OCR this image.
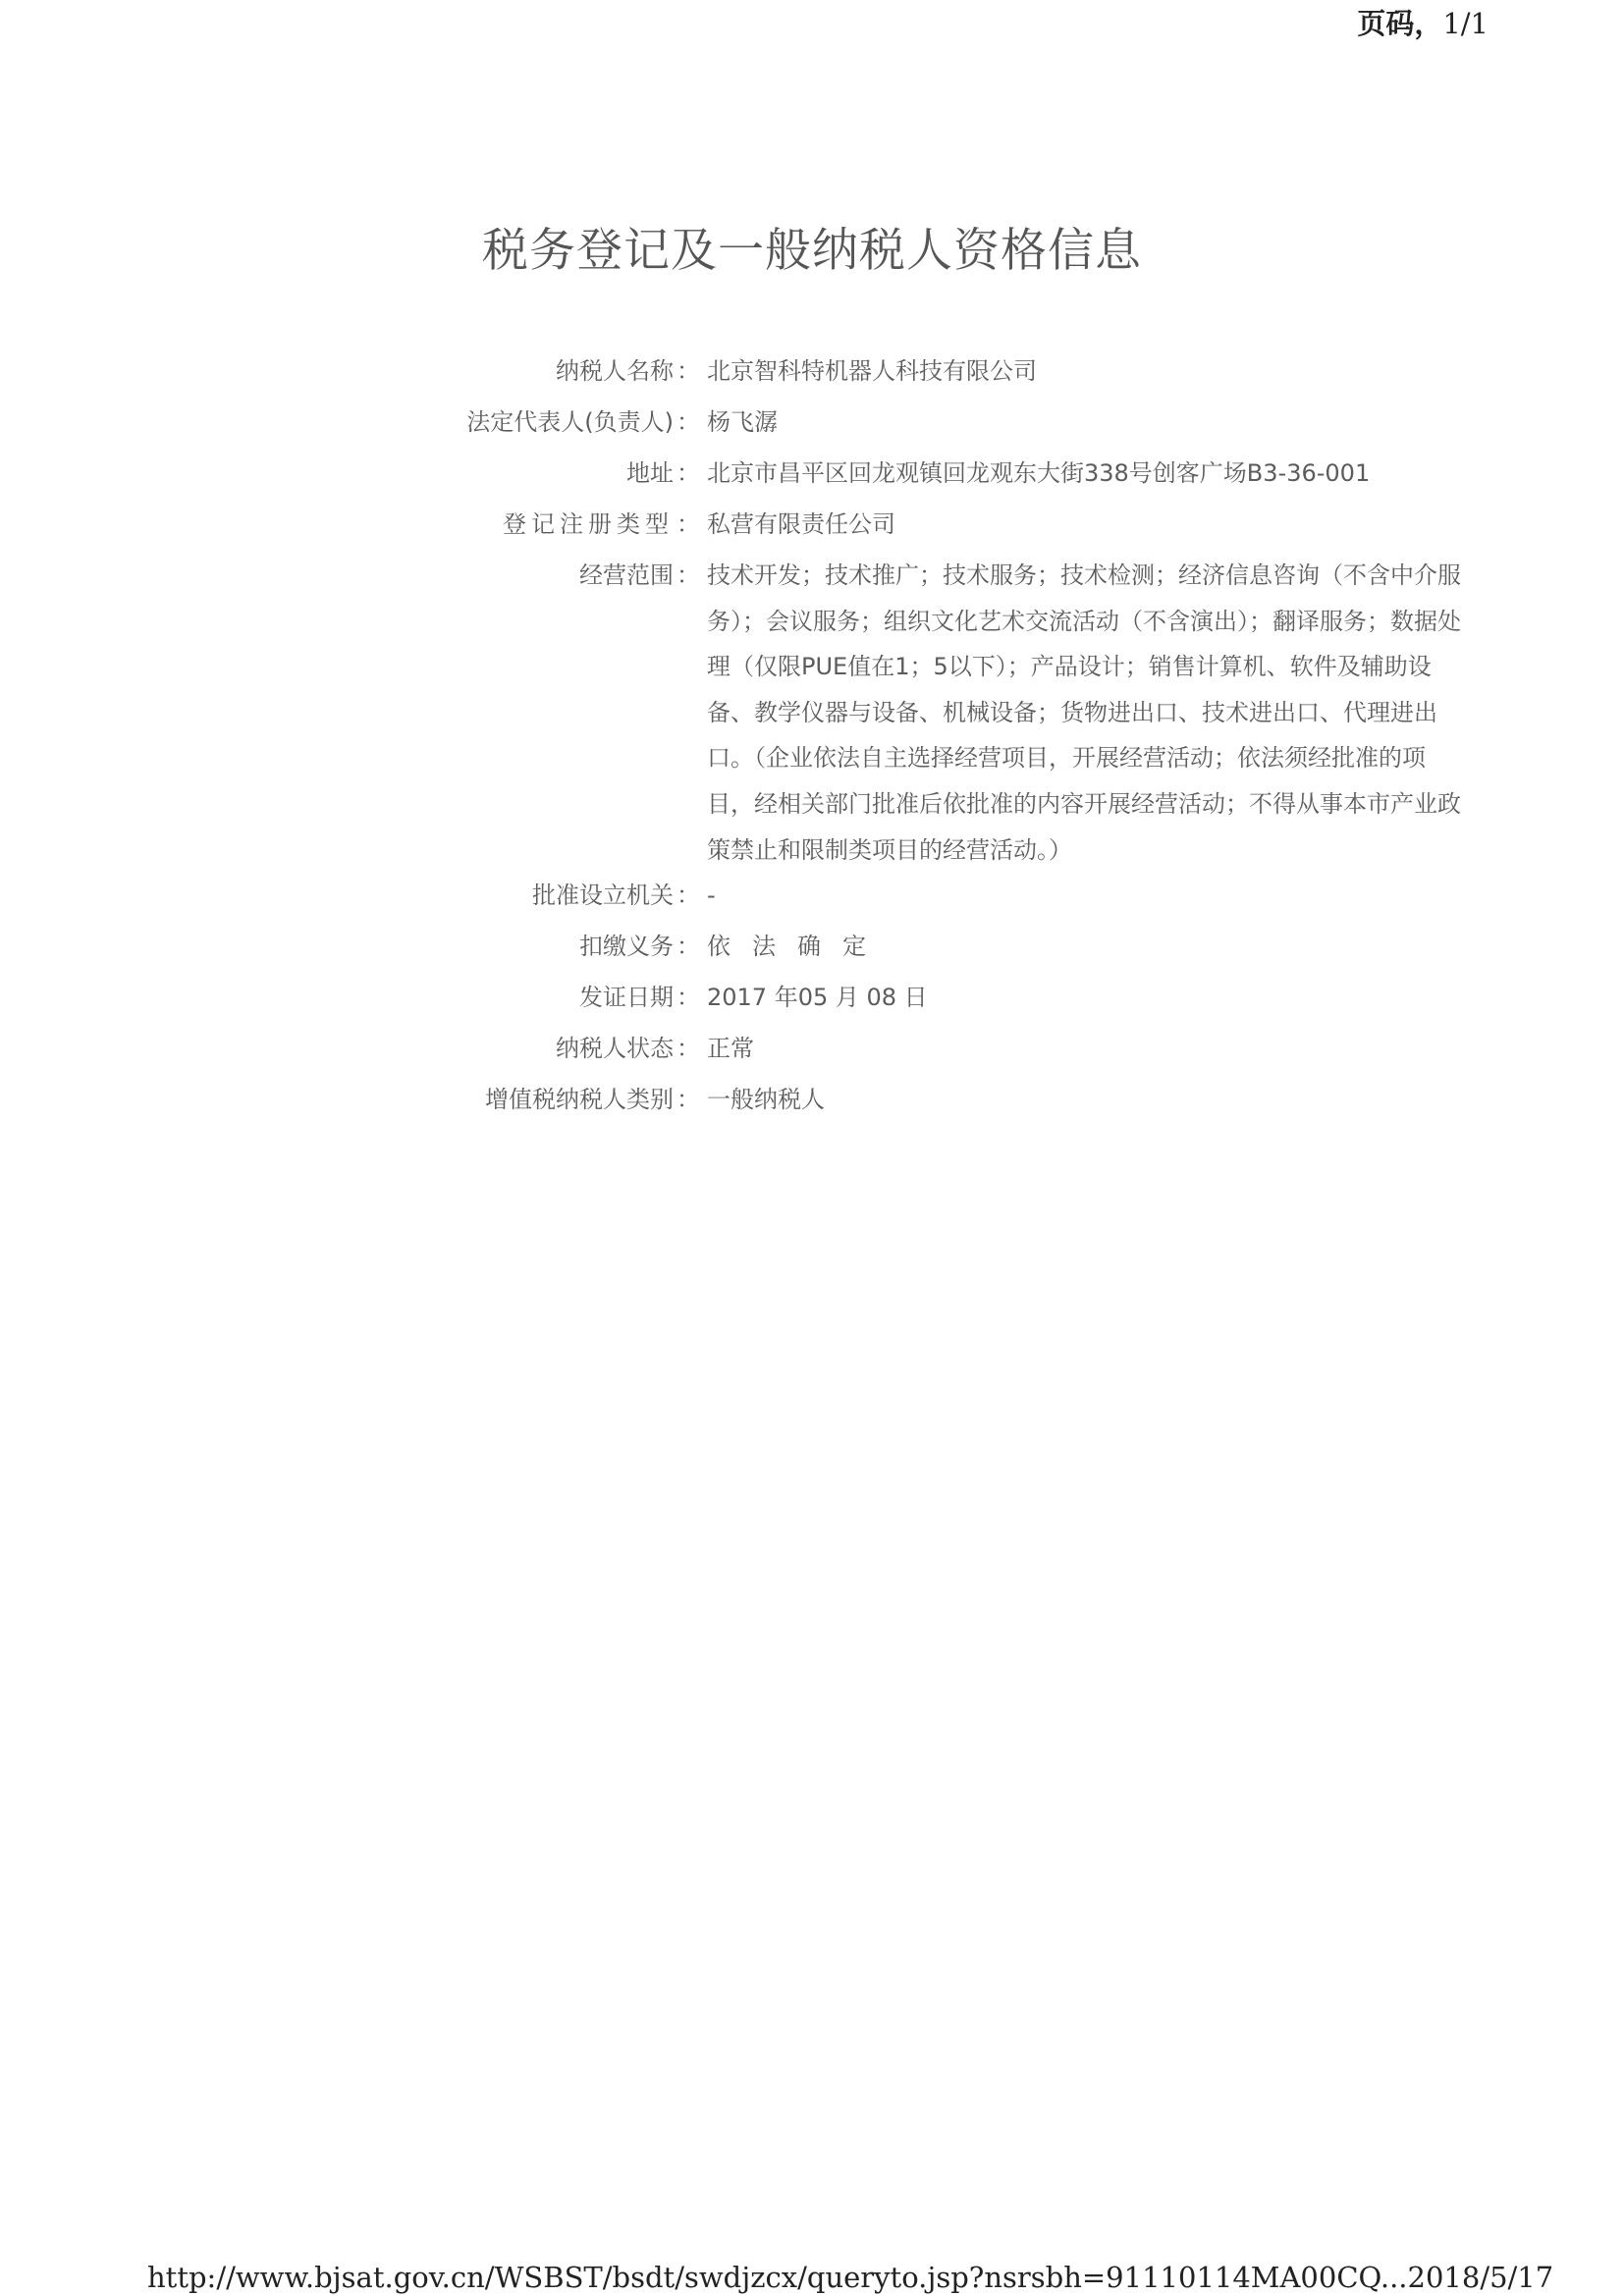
页码，1/1
税务登记及一般纳税人资格信息
纳税人名称	：	北京智科特机器人科技有限公司
法定代表人(负责人)	：	杨飞潺
地址	：	北京市昌平区回龙观镇回龙观东大街338号创客广场B3-36-001
登记注册类型	：	私营有限责任公司
经营范围	：	技术开发；技术推广；技术服务；技术检测；经济信息咨询（不含中介服务）；会议服务；组织文化艺术交流活动（不含演出）；翻译服务；数据处理（仅限PUE值在1；5以下）；产品设计；销售计算机、软件及辅助设备、教学仪器与设备、机械设备；货物进出口、技术进出口、代理进出口。（企业依法自主选择经营项目，开展经营活动；依法须经批准的项目，经相关部门批准后依批准的内容开展经营活动；不得从事本市产业政策禁止和限制类项目的经营活动。）
批准设立机关	：	-
扣缴义务	：	依法确定
发证日期	：	2017 年05 月 08 日
纳税人状态	：	正常
增值税纳税人类别	：	一般纳税人
http://www.bjsat.gov.cn/WSBST/bsdt/swdjzcx/queryto.jsp?nsrsbh=91110114MA00CQ... 2018/5/17
